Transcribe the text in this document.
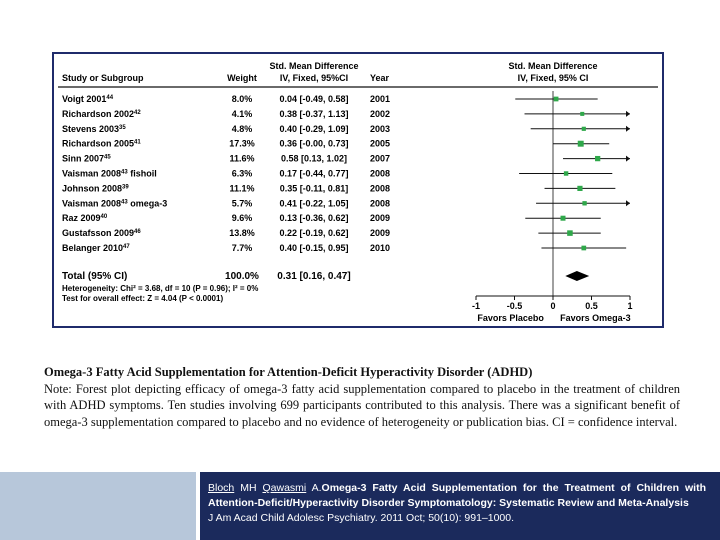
Std. Mean Difference
Weight	IV, Fixed, 95%CI Year
Study or Subgroup
Std. Mean Difference
IV, Fixed, 95% CI
Voigt 2001$^{44}$	8.0%	0.04 [-0.49, 0.58] 2001
Richardson 2002$^{42}$	4.1%	0.38 [-0.37, 1.13] 2002
Stevens 2003$^{35}$	4.8%	0.40 [-0.29, 1.09] 2003
Richardson 2005$^{41}$	17.3%	0.36 [-0.00, 0.73] 2005
Sinn 2007$^{45}$	11.6%	0.58 [0.13, 1.02]	2007
Vaisman 2008$^{43}$ fishoil	6.3%	0.17 [-0.44, 0.77] 2008
Johnson 2008$^{39}$	11.1%	0.35 [-0.11, 0.81] 2008
Vaisman 2008$^{43}$ omega-3	5.7%	0.41 [-0.22, 1.05] 2008
Raz 2009$^{40}$	9.6%	0.13 [-0.36, 0.62] 2009
Gustafsson 2009$^{46}$	13.8%	0.22 [-0.19, 0.62] 2009
Belanger 2010$^{47}$	7.7%	0.40 [-0.15, 0.95] 2010
Total (95% CI)	100.0% 0.31 [0.16, 0.47]
Heterogeneity: Chi² = 3.68, df = 10 (P = 0.96); I² = 0%
Test for overall effect: Z = 4.04 (P < 0.0001)
-1	-0.5	0	0.5	1
Favors Placebo Favors Omega-3
Omega-3 Fatty Acid Supplementation for Attention-Deficit Hyperactivity Disorder (ADHD)
Note: Forest plot depicting efficacy of omega-3 fatty acid supplementation compared to placebo in the treatment of children with ADHD symptoms. Ten studies involving 699 participants contributed to this analysis. There was a significant benefit of omega-3 supplementation compared to placebo and no evidence of heterogeneity or publication bias. CI = confidence interval.
Bloch MH Qawasmi A.Omega-3 Fatty Acid Supplementation for the Treatment of Children with Attention-Deficit/Hyperactivity Disorder Symptomatology: Systematic Review and Meta-Analysis
J Am Acad Child Adolesc Psychiatry. 2011 Oct; 50(10): 991–1000.
